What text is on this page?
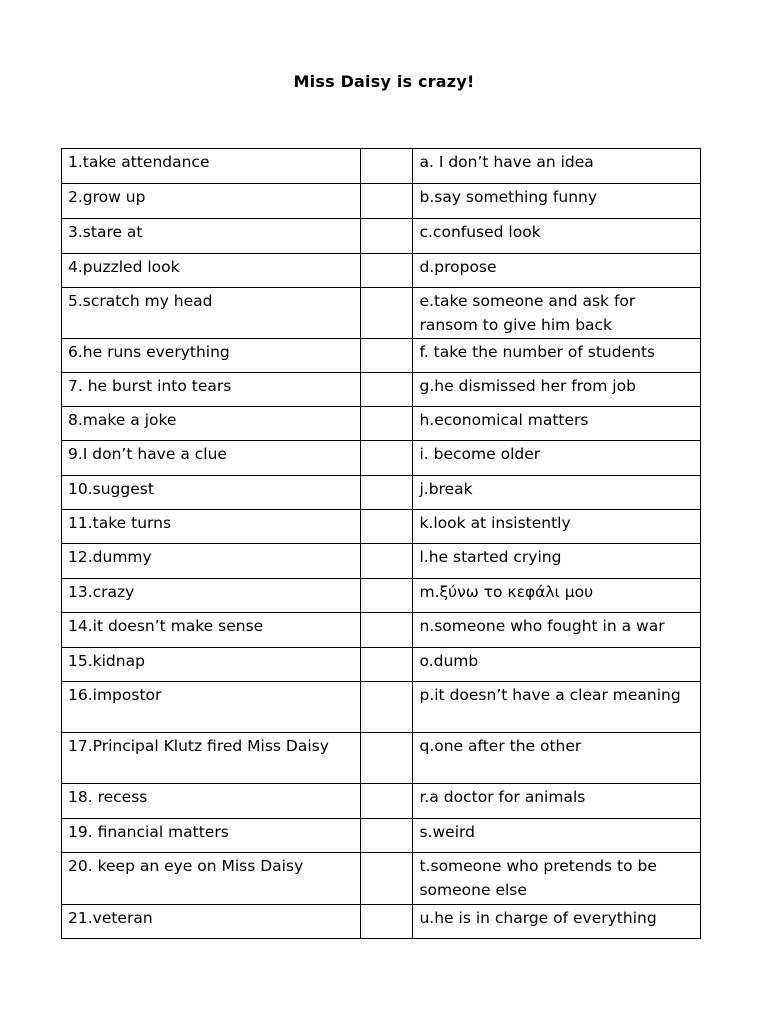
Miss Daisy is crazy!
1.take attendance		a. I don’t have an idea

2.grow up		b.say something funny

3.stare at		c.confused look

4.puzzled look		d.propose

5.scratch my head		e.take someone and ask for ransom to give him back

6.he runs everything		f. take the number of students

7. he burst into tears		g.he dismissed her from job

8.make a joke		h.economical matters

9.I don’t have a clue		i. become older

10.suggest		j.break

11.take turns		k.look at insistently

12.dummy		l.he started crying

13.crazy		m.ξύνω το κεφάλι μου

14.it doesn’t make sense		n.someone who fought in a war

15.kidnap		o.dumb

16.impostor		p.it doesn’t have a clear meaning

17.Principal Klutz fired Miss Daisy		q.one after the other

18. recess		r.a doctor for animals

19. financial matters		s.weird

20. keep an eye on Miss Daisy		t.someone who pretends to be someone else

21.veteran		u.he is in charge of everything
